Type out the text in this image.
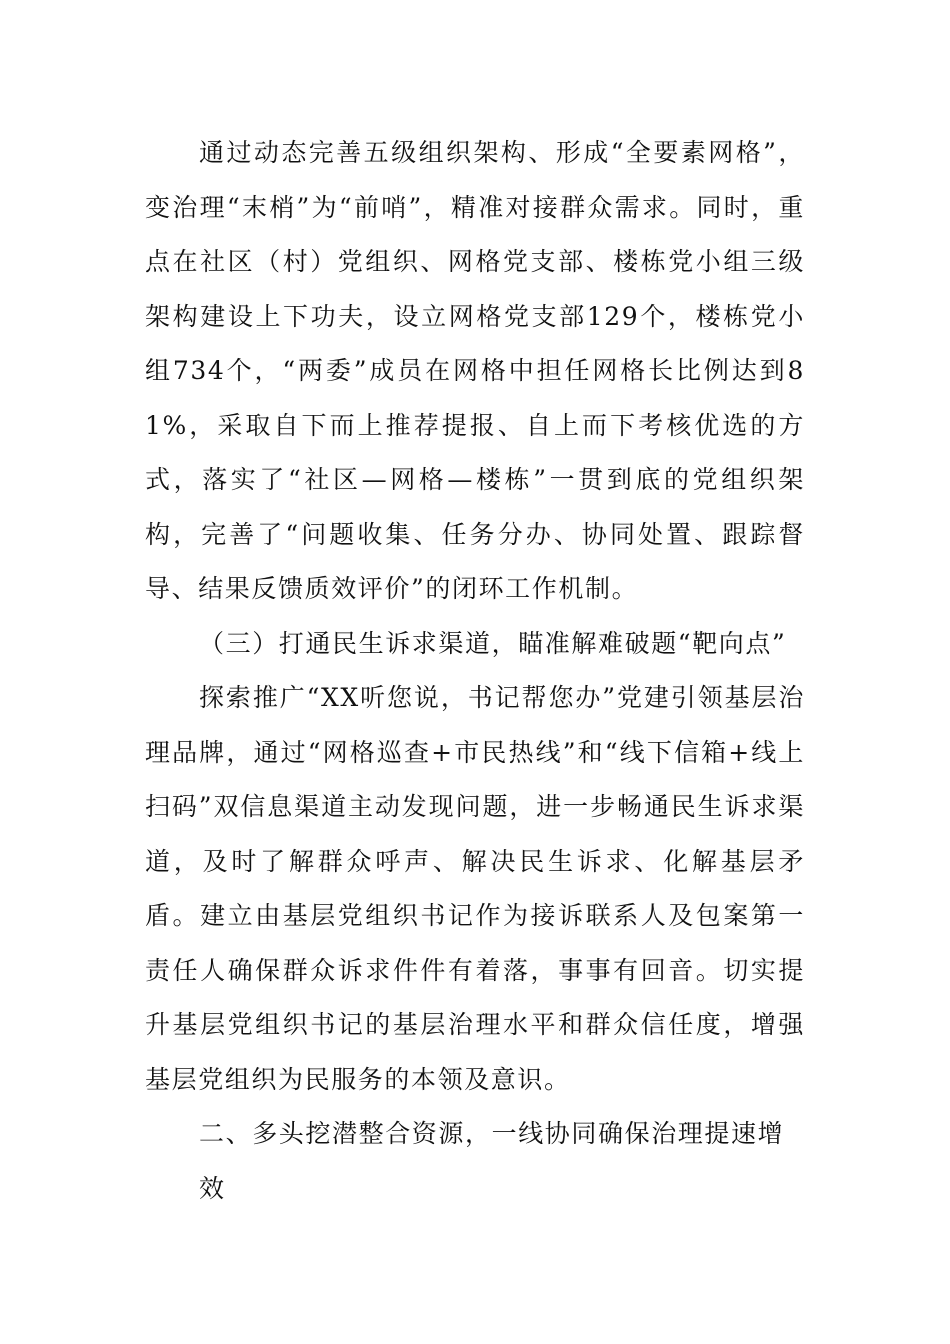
通过动态完善五级组织架构、形成“全要素网格”，变治理“末梢”为“前哨”，精准对接群众需求。同时，重点在社区（村）党组织、网格党支部、楼栋党小组三级架构建设上下功夫，设立网格党支部129个，楼栋党小组734个，“两委”成员在网格中担任网格长比例达到81%，采取自下而上推荐提报、自上而下考核优选的方式，落实了“社区—网格—楼栋”一贯到底的党组织架构，完善了“问题收集、任务分办、协同处置、跟踪督导、结果反馈质效评价”的闭环工作机制。

（三）打通民生诉求渠道，瞄准解难破题“靶向点”

探索推广“XX听您说，书记帮您办”党建引领基层治理品牌，通过“网格巡查+市民热线”和“线下信箱+线上扫码”双信息渠道主动发现问题，进一步畅通民生诉求渠道，及时了解群众呼声、解决民生诉求、化解基层矛盾。建立由基层党组织书记作为接诉联系人及包案第一责任人确保群众诉求件件有着落，事事有回音。切实提升基层党组织书记的基层治理水平和群众信任度，增强基层党组织为民服务的本领及意识。

二、多头挖潜整合资源，一线协同确保治理提速增效
